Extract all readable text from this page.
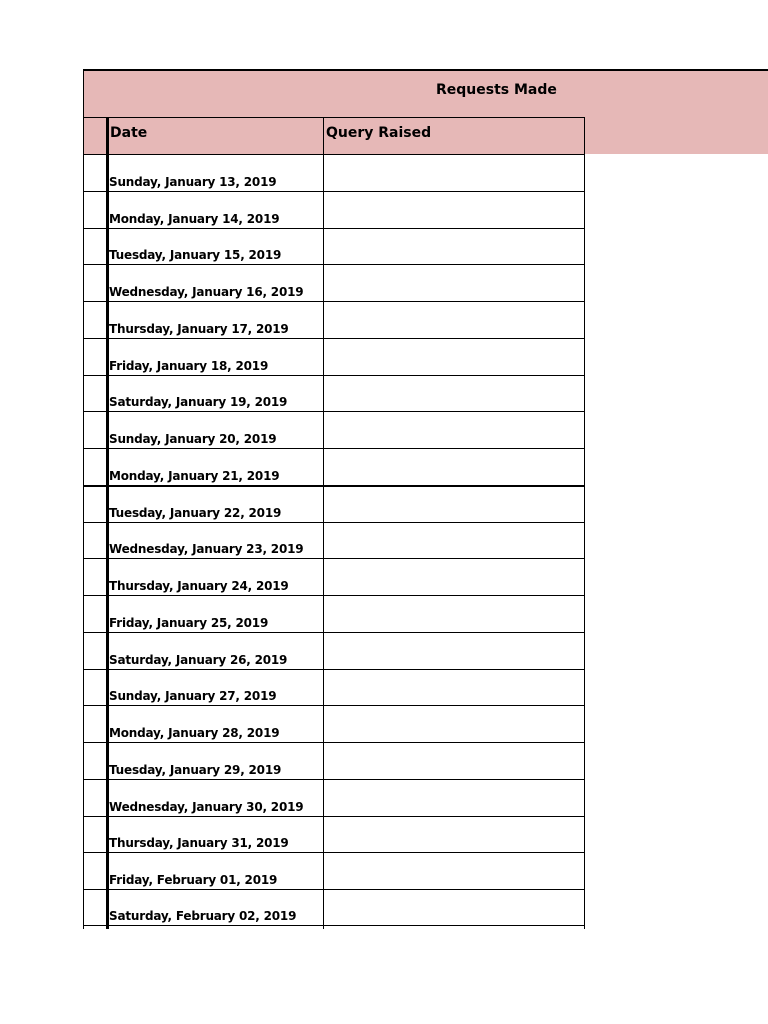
Requests Made
Date	Query Raised
Sunday, January 13, 2019
Monday, January 14, 2019
Tuesday, January 15, 2019
Wednesday, January 16, 2019
Thursday, January 17, 2019
Friday, January 18, 2019
Saturday, January 19, 2019
Sunday, January 20, 2019
Monday, January 21, 2019
Tuesday, January 22, 2019
Wednesday, January 23, 2019
Thursday, January 24, 2019
Friday, January 25, 2019
Saturday, January 26, 2019
Sunday, January 27, 2019
Monday, January 28, 2019
Tuesday, January 29, 2019
Wednesday, January 30, 2019
Thursday, January 31, 2019
Friday, February 01, 2019
Saturday, February 02, 2019
